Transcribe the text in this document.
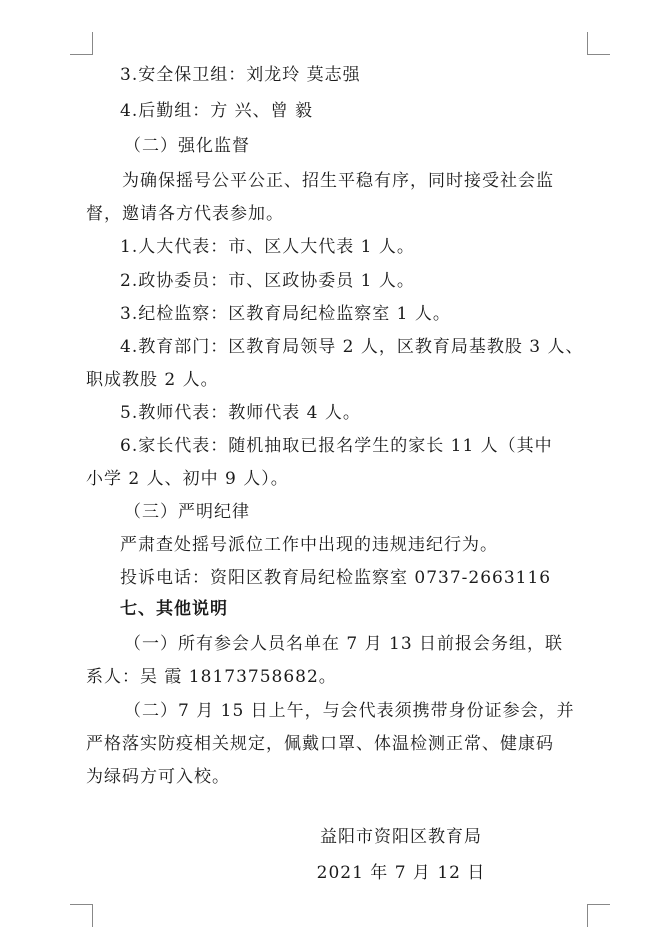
3.安全保卫组：刘龙玲 莫志强
4.后勤组：方 兴、曾 毅
（二）强化监督
为确保摇号公平公正、招生平稳有序，同时接受社会监
督，邀请各方代表参加。
1.人大代表：市、区人大代表 1 人。
2.政协委员：市、区政协委员 1 人。
3.纪检监察：区教育局纪检监察室 1 人。
4.教育部门：区教育局领导 2 人，区教育局基教股 3 人、
职成教股 2 人。
5.教师代表：教师代表 4 人。
6.家长代表：随机抽取已报名学生的家长 11 人（其中
小学 2 人、初中 9 人）。
（三）严明纪律
严肃查处摇号派位工作中出现的违规违纪行为。
投诉电话：资阳区教育局纪检监察室 0737-2663116
七、其他说明
（一）所有参会人员名单在 7 月 13 日前报会务组，联
系人：吴 霞 18173758682。
（二）7 月 15 日上午，与会代表须携带身份证参会，并
严格落实防疫相关规定，佩戴口罩、体温检测正常、健康码
为绿码方可入校。
益阳市资阳区教育局
2021 年 7 月 12 日
